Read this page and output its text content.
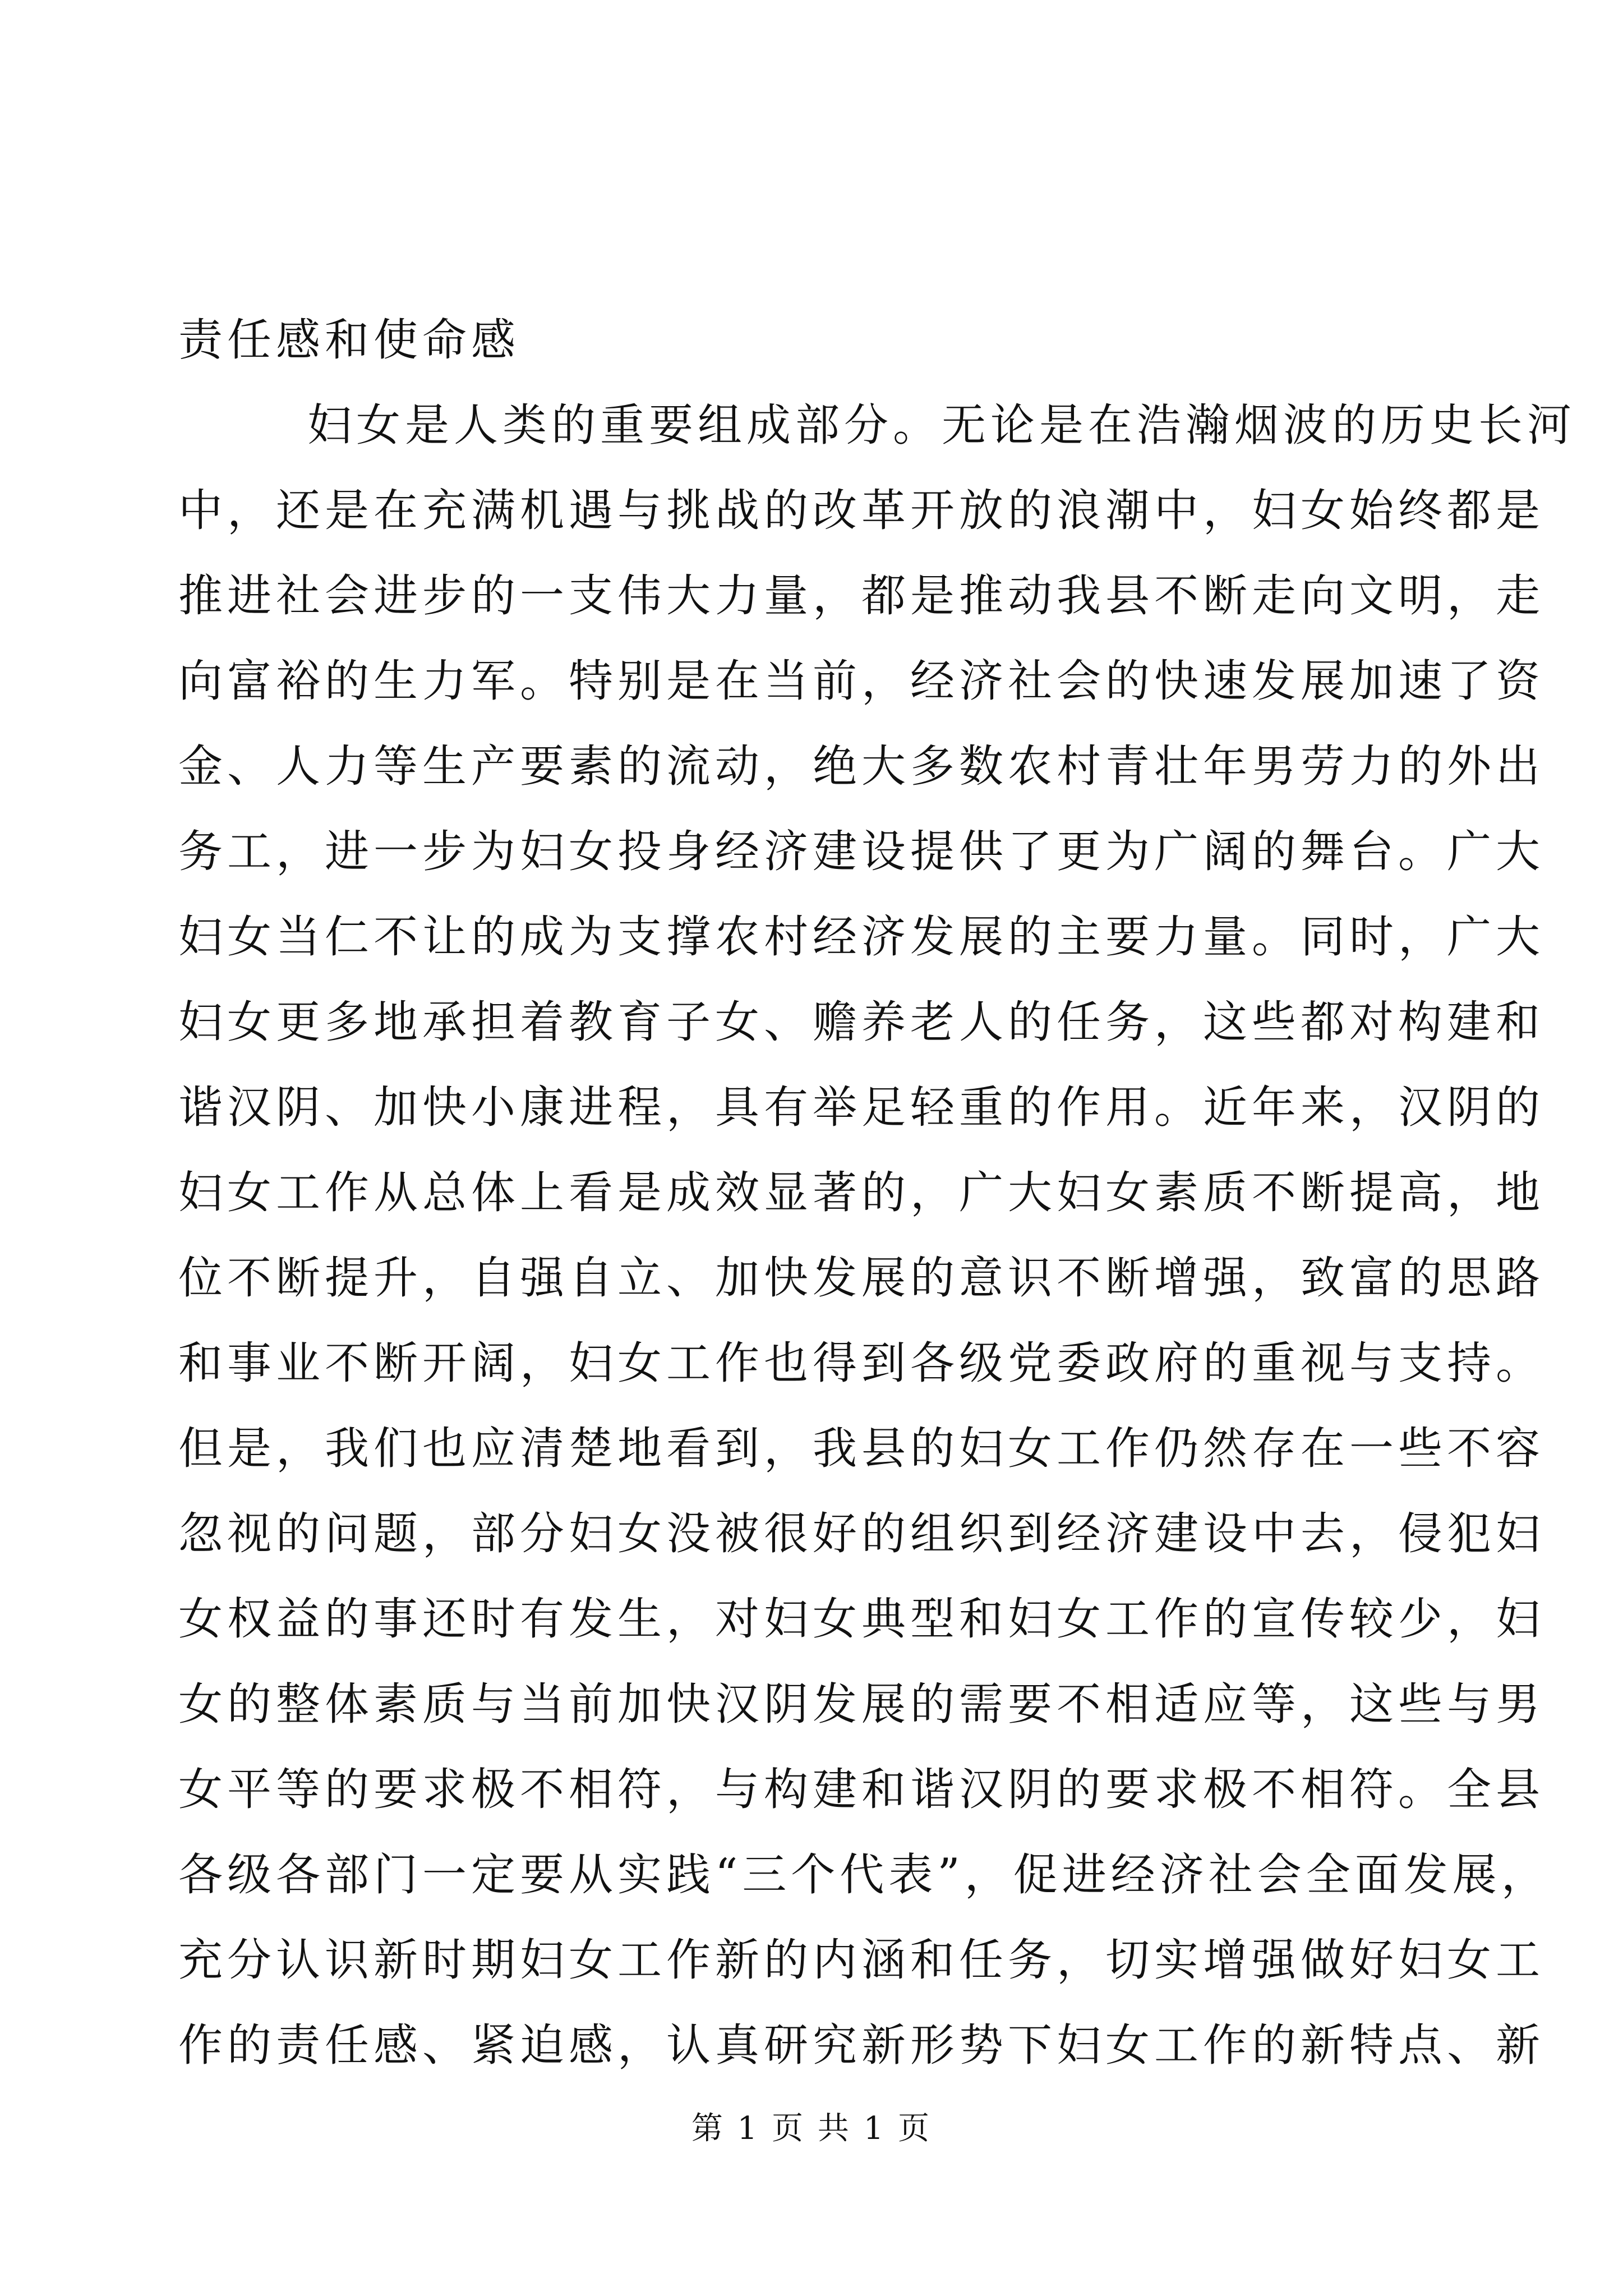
责任感和使命感
妇女是人类的重要组成部分。无论是在浩瀚烟波的历史长河
中，还是在充满机遇与挑战的改革开放的浪潮中，妇女始终都是
推进社会进步的一支伟大力量，都是推动我县不断走向文明，走
向富裕的生力军。特别是在当前，经济社会的快速发展加速了资
金、人力等生产要素的流动，绝大多数农村青壮年男劳力的外出
务工，进一步为妇女投身经济建设提供了更为广阔的舞台。广大
妇女当仁不让的成为支撑农村经济发展的主要力量。同时，广大
妇女更多地承担着教育子女、赡养老人的任务，这些都对构建和
谐汉阴、加快小康进程，具有举足轻重的作用。近年来，汉阴的
妇女工作从总体上看是成效显著的，广大妇女素质不断提高，地
位不断提升，自强自立、加快发展的意识不断增强，致富的思路
和事业不断开阔，妇女工作也得到各级党委政府的重视与支持。
但是，我们也应清楚地看到，我县的妇女工作仍然存在一些不容
忽视的问题，部分妇女没被很好的组织到经济建设中去，侵犯妇
女权益的事还时有发生，对妇女典型和妇女工作的宣传较少，妇
女的整体素质与当前加快汉阴发展的需要不相适应等，这些与男
女平等的要求极不相符，与构建和谐汉阴的要求极不相符。全县
各级各部门一定要从实践“三个代表”，促进经济社会全面发展，
充分认识新时期妇女工作新的内涵和任务，切实增强做好妇女工
作的责任感、紧迫感，认真研究新形势下妇女工作的新特点、新
第 1 页 共 1 页
